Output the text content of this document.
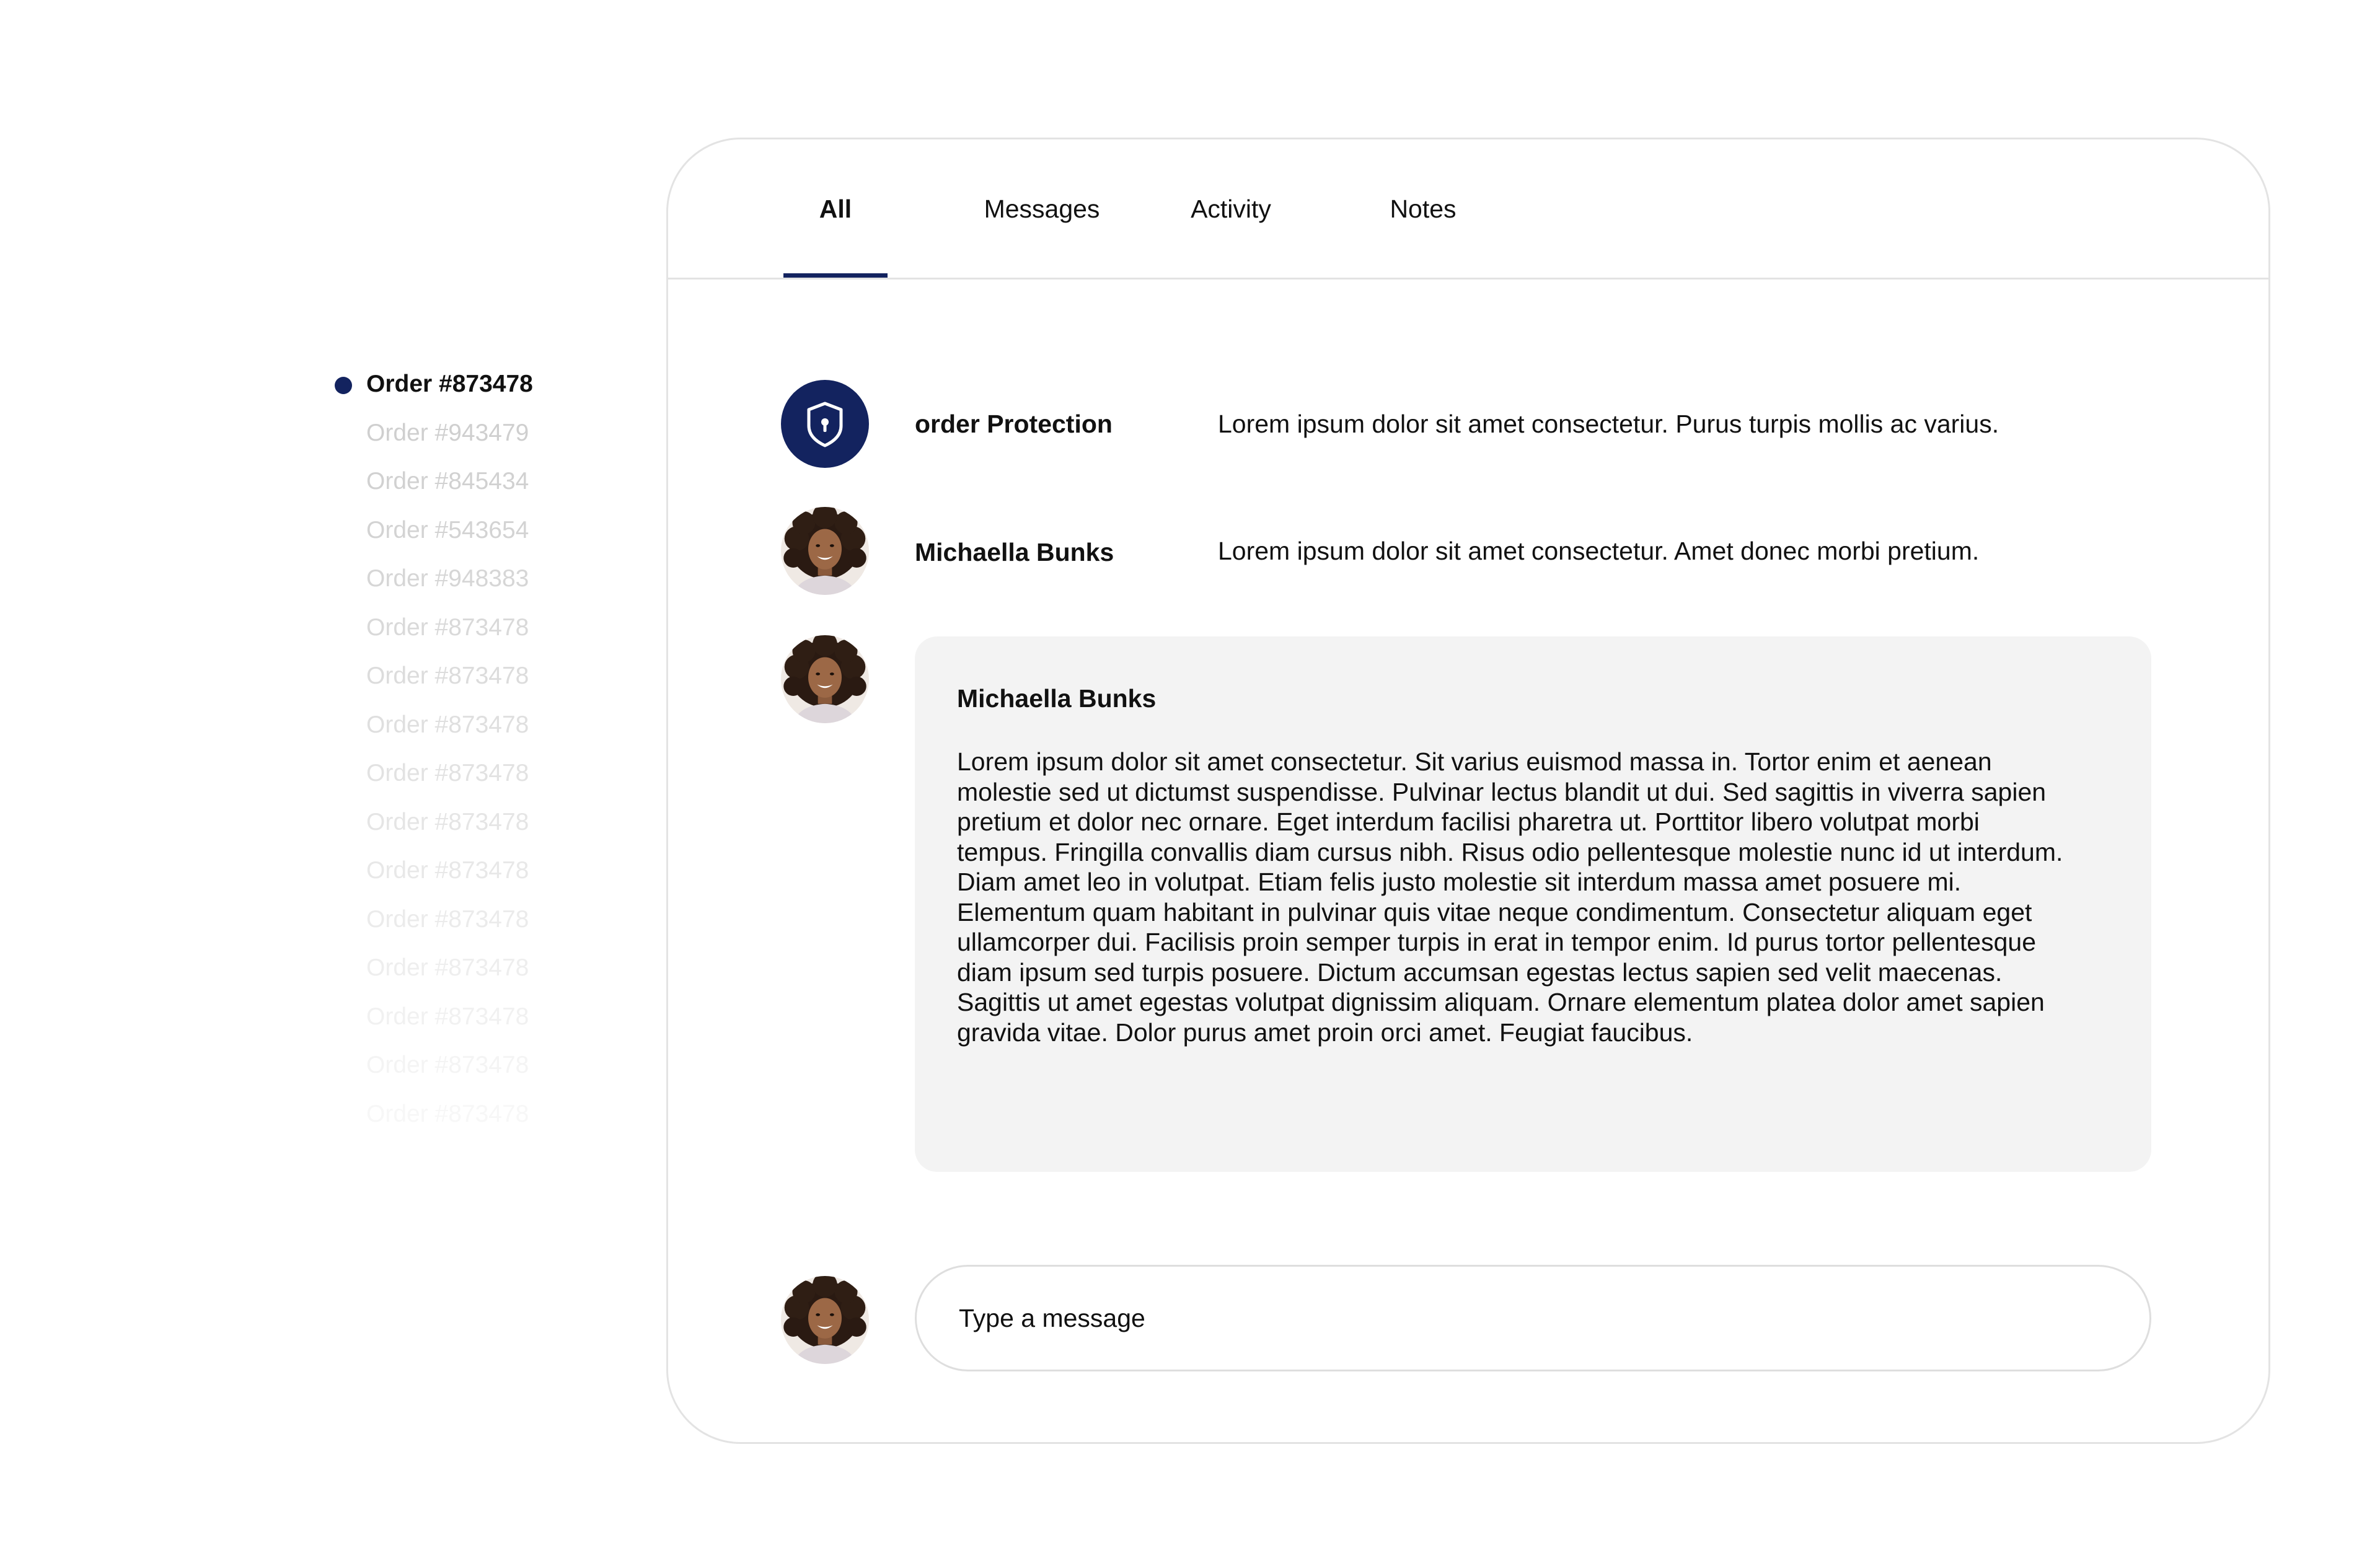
Order #873478
Order #943479
Order #845434
Order #543654
Order #948383
Order #873478
Order #873478
Order #873478
Order #873478
Order #873478
Order #873478
Order #873478
Order #873478
Order #873478
Order #873478
Order #873478
All	Messages	Activity	Notes
order Protection	Lorem ipsum dolor sit amet consectetur. Purus turpis mollis ac varius.
Michaella Bunks	Lorem ipsum dolor sit amet consectetur. Amet donec morbi pretium.
Michaella Bunks
Lorem ipsum dolor sit amet consectetur. Sit varius euismod massa in. Tortor enim et aenean molestie sed ut dictumst suspendisse. Pulvinar lectus blandit ut dui. Sed sagittis in viverra sapien pretium et dolor nec ornare. Eget interdum facilisi pharetra ut. Porttitor libero volutpat morbi tempus. Fringilla convallis diam cursus nibh. Risus odio pellentesque molestie nunc id ut interdum. Diam amet leo in volutpat. Etiam felis justo molestie sit interdum massa amet posuere mi.
Elementum quam habitant in pulvinar quis vitae neque condimentum. Consectetur aliquam eget ullamcorper dui. Facilisis proin semper turpis in erat in tempor enim. Id purus tortor pellentesque diam ipsum sed turpis posuere. Dictum accumsan egestas lectus sapien sed velit maecenas. Sagittis ut amet egestas volutpat dignissim aliquam. Ornare elementum platea dolor amet sapien gravida vitae. Dolor purus amet proin orci amet. Feugiat faucibus.
Type a message
